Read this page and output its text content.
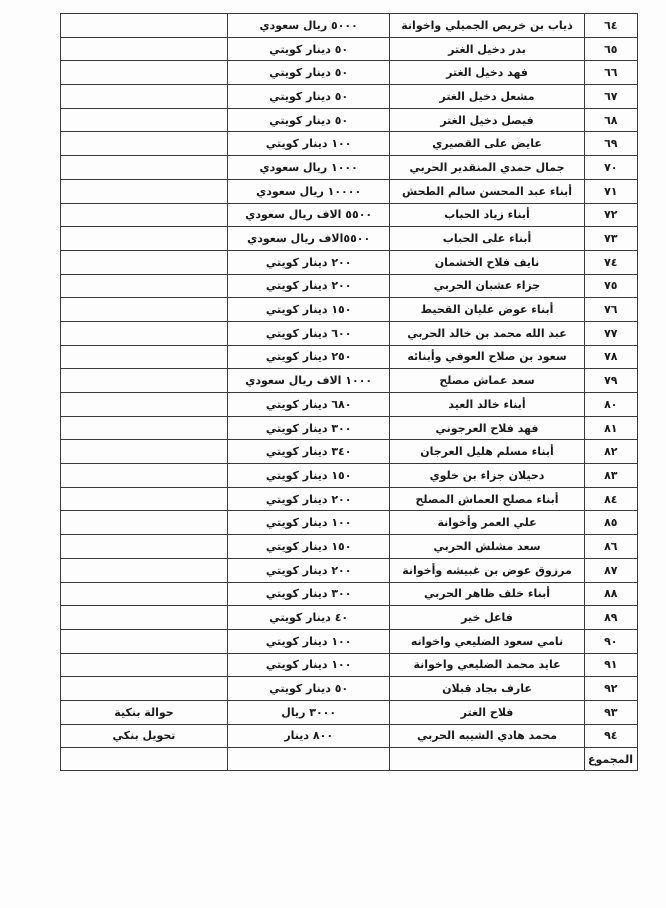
٦٤	ذياب بن خريص الجميلي واخوانة	٥٠٠٠ ريال سعودي	
٦٥	بدر دخيل الغتر	٥٠ دينار كويتي	
٦٦	فهد دخيل الغتر	٥٠ دينار كويتي	
٦٧	مشعل دخيل الغتر	٥٠ دينار كويتي	
٦٨	فيصل دخيل الغتر	٥٠ دينار كويتي	
٦٩	عايض على القصيري	١٠٠ دينار كويتي	
٧٠	جمال حمدي المنقدير الحربي	١٠٠٠ ريال سعودي	
٧١	أبناء عبد المحسن سالم الطحش	١٠٠٠٠ ريال سعودي	
٧٢	أبناء زياد الحباب	٥٥٠٠ الاف ريال سعودي	
٧٣	أبناء على الحباب	٥٥٠٠الاف ريال سعودي	
٧٤	نايف فلاح الخشمان	٢٠٠ دينار كويتي	
٧٥	جزاء عشبان الحربي	٢٠٠ دينار كويتي	
٧٦	أبناء عوض عليان القحيط	١٥٠ دينار كويتي	
٧٧	عبد الله محمد بن خالد الحربي	٦٠٠ دينار كويتي	
٧٨	سعود بن صلاح العوفي وأبنائه	٢٥٠ دينار كويتي	
٧٩	سعد عماش مصلح	١٠٠٠ الاف ريال سعودي	
٨٠	أبناء خالد العيد	٦٨٠ دينار كويتي	
٨١	فهد فلاح العرجوني	٣٠٠ دينار كويتي	
٨٢	أبناء مسلم هليل العرجان	٣٤٠ دينار كويتي	
٨٣	دحيلان جزاء بن خلوي	١٥٠ دينار كويتي	
٨٤	أبناء مصلح العماش المصلح	٢٠٠ دينار كويتي	
٨٥	علي العمر وأخوانة	١٠٠ دينار كويتي	
٨٦	سعد مشلش الحربي	١٥٠ دينار كويتي	
٨٧	مرزوق عوض بن غبيشه وأخوانة	٢٠٠ دينار كويتي	
٨٨	أبناء خلف ظاهر الحربي	٣٠٠ دينار كويتي	
٨٩	فاعل خير	٤٠ دينار كويتي	
٩٠	نامي سعود الضليعي واخوانه	١٠٠ دينار كويتي	
٩١	عايد محمد الضليعي واخوانة	١٠٠ دينار كويتي	
٩٢	عارف بجاد قبلان	٥٠ دينار كويتي	
٩٣	فلاح الغتر	٣٠٠٠ ريال	حوالة بنكية
٩٤	محمد هادي الشيبه الحربي	٨٠٠ دينار	تحويل بنكي
المجموع			
